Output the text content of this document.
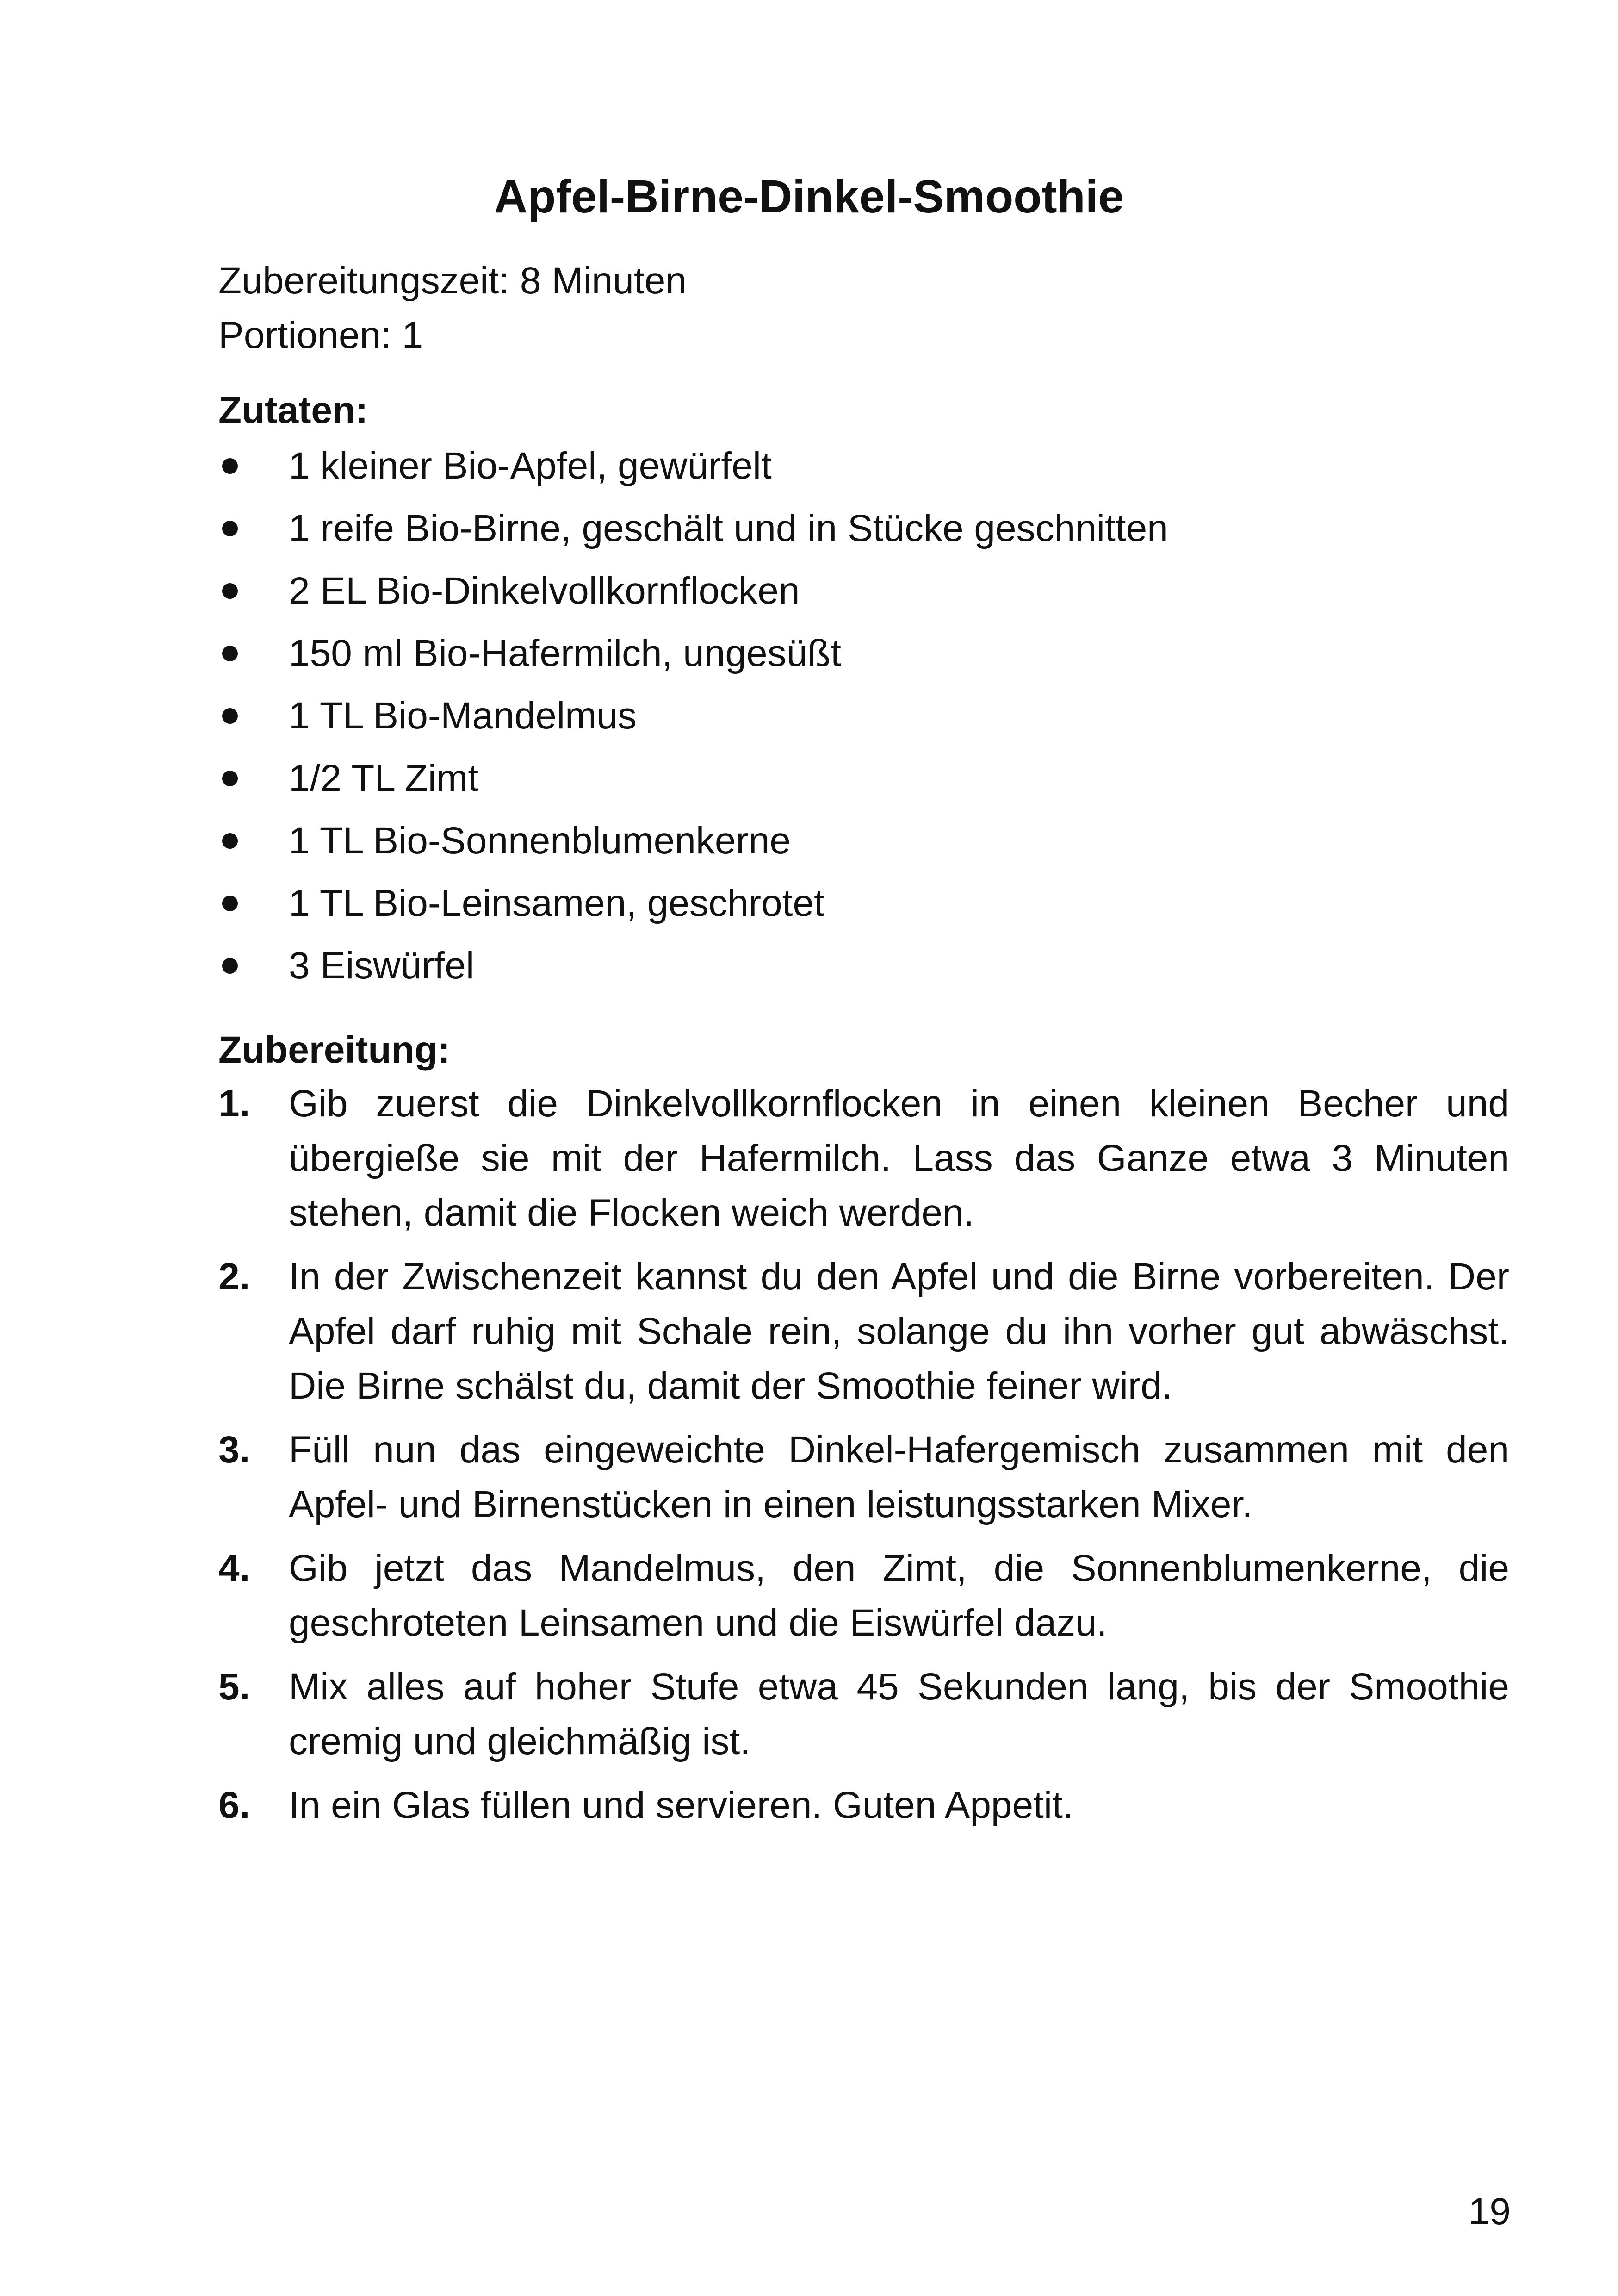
Apfel-Birne-Dinkel-Smoothie

Zubereitungszeit: 8 Minuten

Portionen: 1

Zutaten:

1 kleiner Bio-Apfel, gewürfelt
1 reife Bio-Birne, geschält und in Stücke geschnitten
2 EL Bio-Dinkelvollkornflocken
150 ml Bio-Hafermilch, ungesüßt
1 TL Bio-Mandelmus
1/2 TL Zimt
1 TL Bio-Sonnenblumenkerne
1 TL Bio-Leinsamen, geschrotet
3 Eiswürfel

Zubereitung:

1. Gib zuerst die Dinkelvollkornflocken in einen kleinen Becher und übergieße sie mit der Hafermilch. Lass das Ganze etwa 3 Minuten stehen, damit die Flocken weich werden.
2. In der Zwischenzeit kannst du den Apfel und die Birne vorbereiten. Der Apfel darf ruhig mit Schale rein, solange du ihn vorher gut abwäschst. Die Birne schälst du, damit der Smoothie feiner wird.
3. Füll nun das eingeweichte Dinkel-Hafergemisch zusammen mit den Apfel- und Birnenstücken in einen leistungsstarken Mixer.
4. Gib jetzt das Mandelmus, den Zimt, die Sonnenblumenkerne, die geschroteten Leinsamen und die Eiswürfel dazu.
5. Mix alles auf hoher Stufe etwa 45 Sekunden lang, bis der Smoothie cremig und gleichmäßig ist.
6. In ein Glas füllen und servieren. Guten Appetit.

19
